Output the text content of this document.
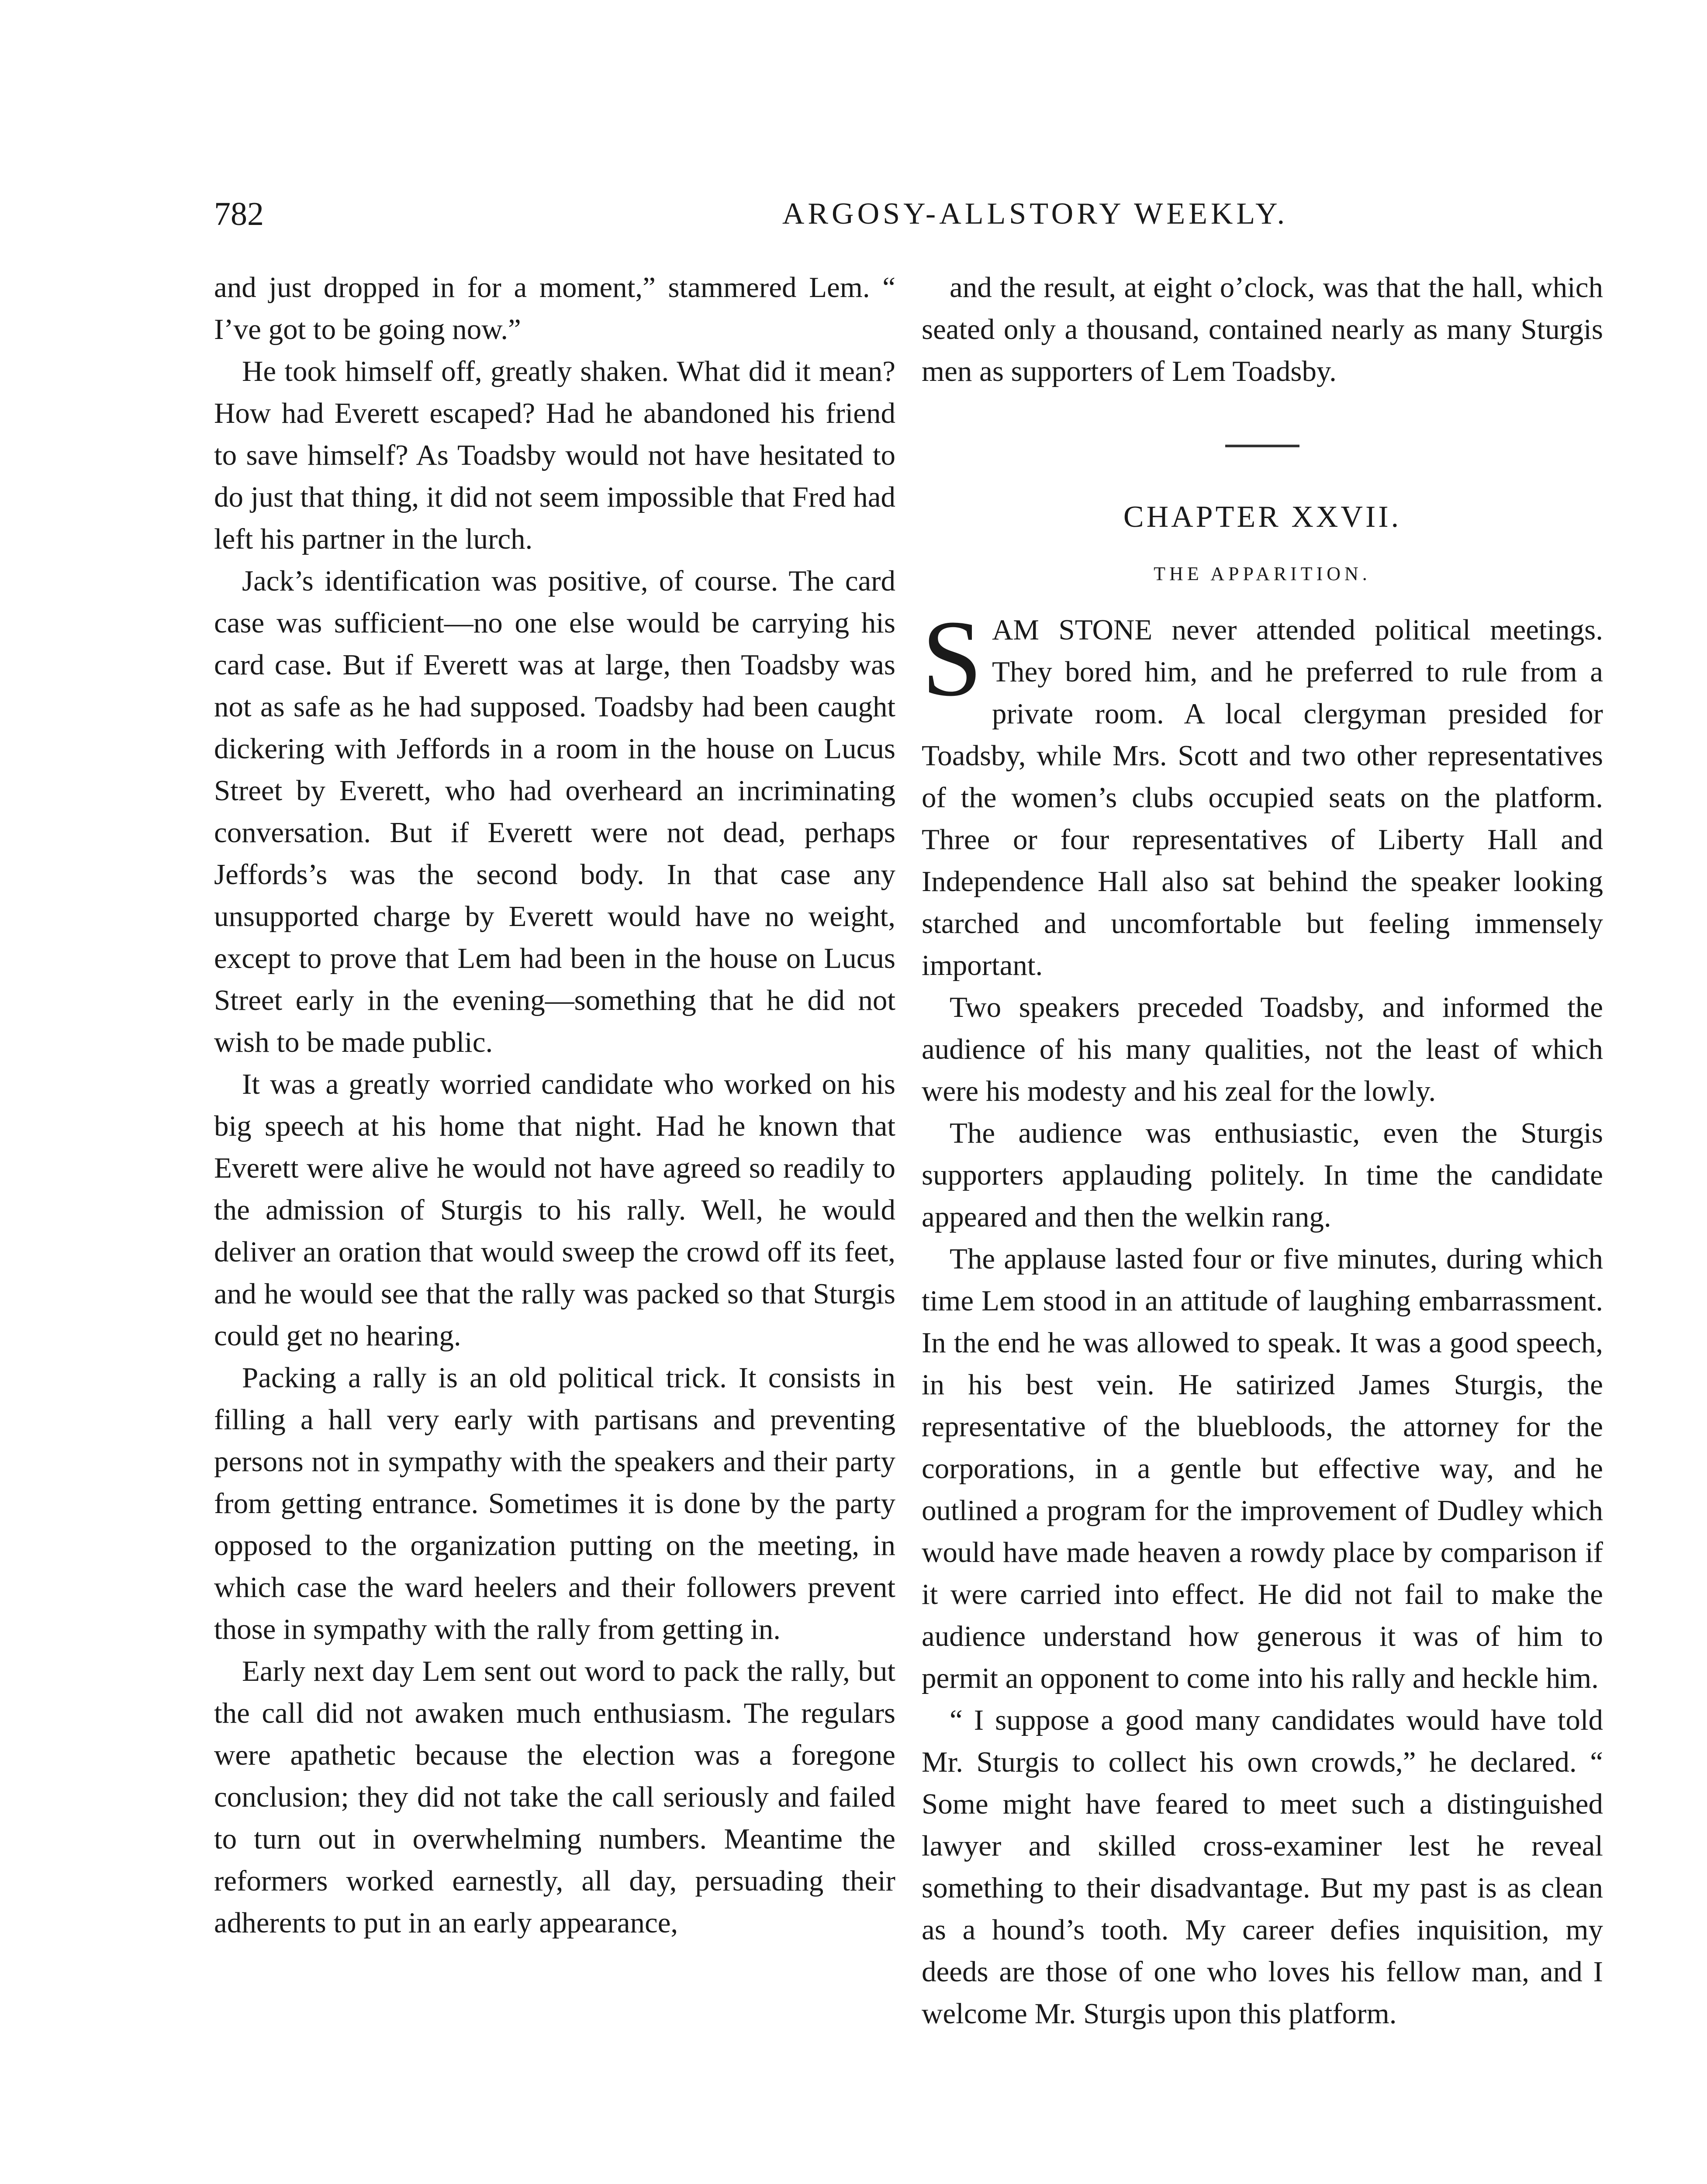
782	ARGOSY-ALLSTORY WEEKLY.

and just dropped in for a moment,” stammered Lem. “ I’ve got to be going now.”

He took himself off, greatly shaken. What did it mean? How had Everett escaped? Had he abandoned his friend to save himself? As Toadsby would not have hesitated to do just that thing, it did not seem impossible that Fred had left his partner in the lurch.

Jack’s identification was positive, of course. The card case was sufficient—no one else would be carrying his card case. But if Everett was at large, then Toadsby was not as safe as he had supposed. Toadsby had been caught dickering with Jeffords in a room in the house on Lucus Street by Everett, who had overheard an incriminating conversation. But if Everett were not dead, perhaps Jeffords’s was the second body. In that case any unsupported charge by Everett would have no weight, except to prove that Lem had been in the house on Lucus Street early in the evening—something that he did not wish to be made public.

It was a greatly worried candidate who worked on his big speech at his home that night. Had he known that Everett were alive he would not have agreed so readily to the admission of Sturgis to his rally. Well, he would deliver an oration that would sweep the crowd off its feet, and he would see that the rally was packed so that Sturgis could get no hearing.

Packing a rally is an old political trick. It consists in filling a hall very early with partisans and preventing persons not in sympathy with the speakers and their party from getting entrance. Sometimes it is done by the party opposed to the organization putting on the meeting, in which case the ward heelers and their followers prevent those in sympathy with the rally from getting in.

Early next day Lem sent out word to pack the rally, but the call did not awaken much enthusiasm. The regulars were apathetic because the election was a foregone conclusion; they did not take the call seriously and failed to turn out in overwhelming numbers. Meantime the reformers worked earnestly, all day, persuading their adherents to put in an early appearance,

and the result, at eight o’clock, was that the hall, which seated only a thousand, contained nearly as many Sturgis men as supporters of Lem Toadsby.

CHAPTER XXVII.
THE APPARITION.

SAM STONE never attended political meetings. They bored him, and he preferred to rule from a private room. A local clergyman presided for Toadsby, while Mrs. Scott and two other representatives of the women’s clubs occupied seats on the platform. Three or four representatives of Liberty Hall and Independence Hall also sat behind the speaker looking starched and uncomfortable but feeling immensely important.

Two speakers preceded Toadsby, and informed the audience of his many qualities, not the least of which were his modesty and his zeal for the lowly.

The audience was enthusiastic, even the Sturgis supporters applauding politely. In time the candidate appeared and then the welkin rang.

The applause lasted four or five minutes, during which time Lem stood in an attitude of laughing embarrassment. In the end he was allowed to speak. It was a good speech, in his best vein. He satirized James Sturgis, the representative of the bluebloods, the attorney for the corporations, in a gentle but effective way, and he outlined a program for the improvement of Dudley which would have made heaven a rowdy place by comparison if it were carried into effect. He did not fail to make the audience understand how generous it was of him to permit an opponent to come into his rally and heckle him.

“ I suppose a good many candidates would have told Mr. Sturgis to collect his own crowds,” he declared. “ Some might have feared to meet such a distinguished lawyer and skilled cross-examiner lest he reveal something to their disadvantage. But my past is as clean as a hound’s tooth. My career defies inquisition, my deeds are those of one who loves his fellow man, and I welcome Mr. Sturgis upon this platform.
